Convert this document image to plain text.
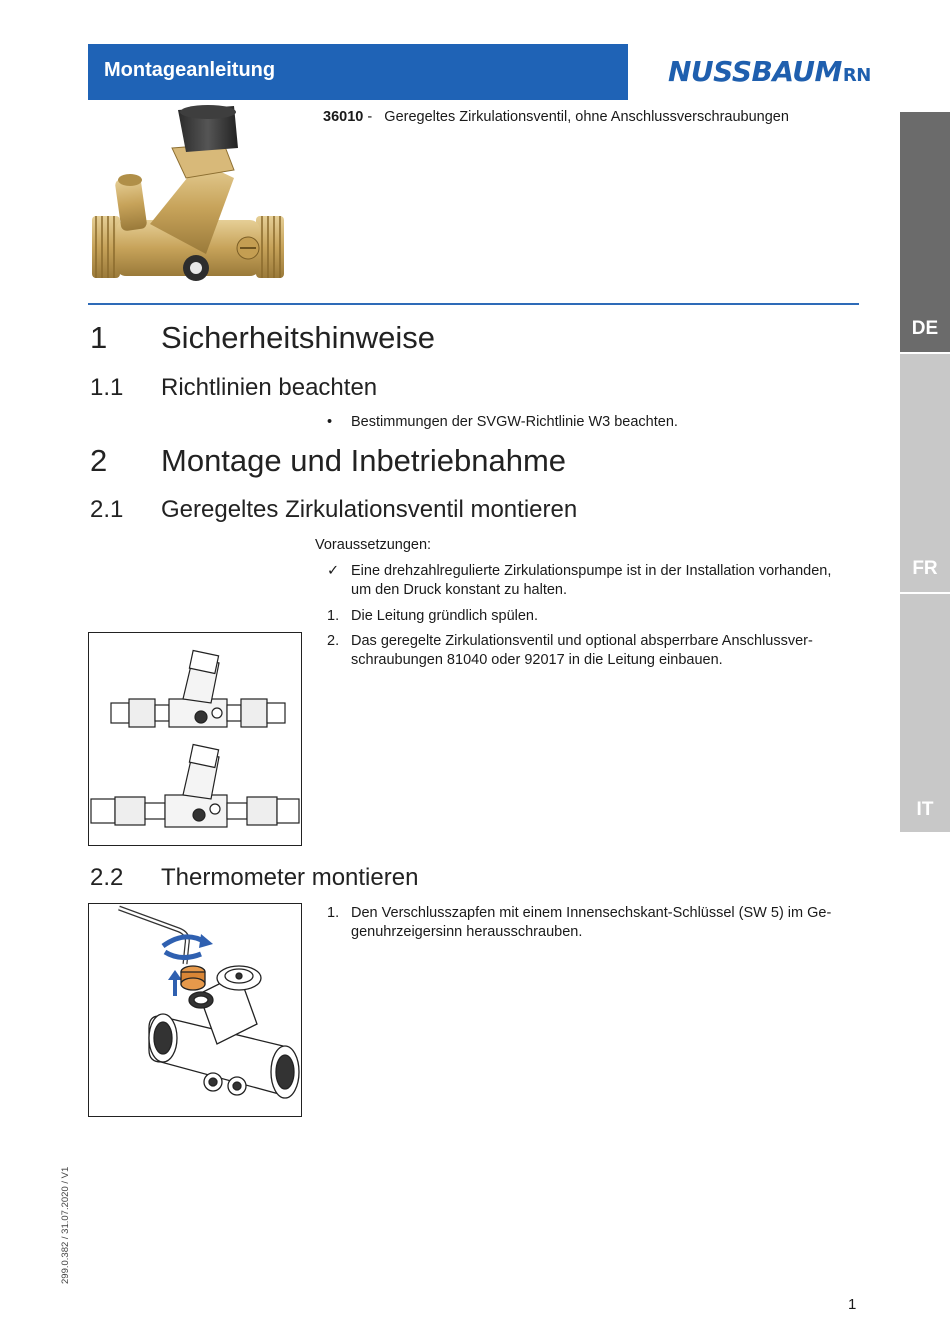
Montageanleitung	NUSSBAUMRN
36010 - Geregeltes Zirkulationsventil, ohne Anschlussverschraubungen
DE
FR
IT
1 Sicherheitshinweise
1.1 Richtlinien beachten
• Bestimmungen der SVGW-Richtlinie W3 beachten.
2 Montage und Inbetriebnahme
2.1 Geregeltes Zirkulationsventil montieren
Voraussetzungen:
✓ Eine drehzahlregulierte Zirkulationspumpe ist in der Installation vorhanden,
um den Druck konstant zu halten.
1. Die Leitung gründlich spülen.
2. Das geregelte Zirkulationsventil und optional absperrbare Anschlussver-
schraubungen 81040 oder 92017 in die Leitung einbauen.
2.2 Thermometer montieren
1. Den Verschlusszapfen mit einem Innensechskant-Schlüssel (SW 5) im Ge-
genuhrzeigersinn herausschrauben.
299.0.382 / 31.07.2020 / V1
1
